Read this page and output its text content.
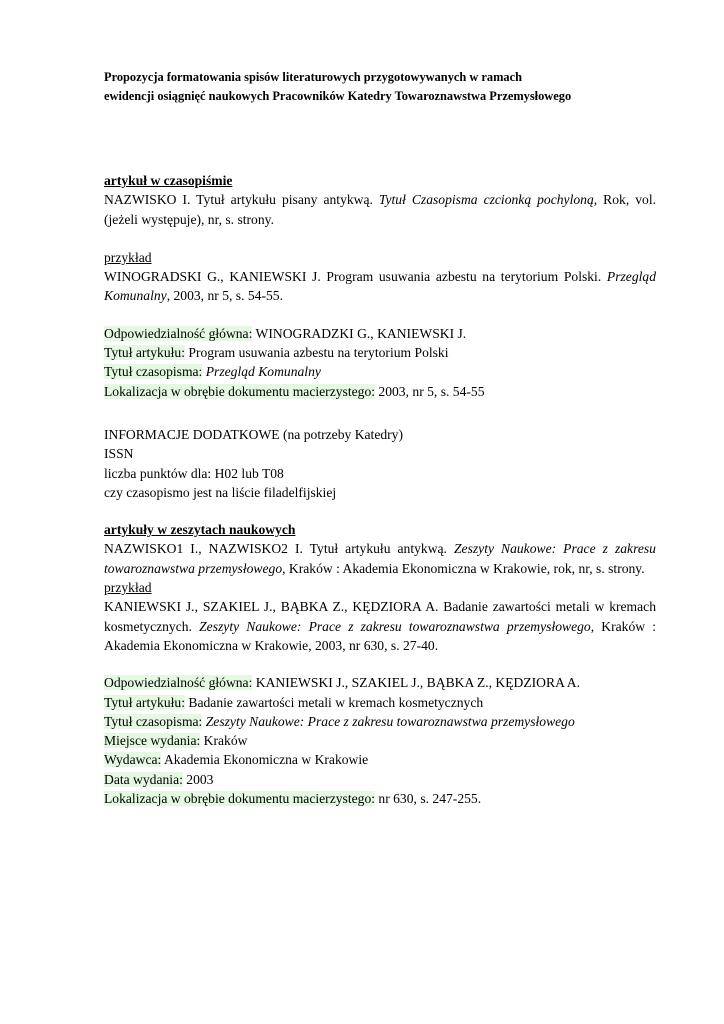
Propozycja formatowania spisów literaturowych przygotowywanych w ramach
ewidencji osiągnięć naukowych Pracowników Katedry Towaroznawstwa Przemysłowego

artykuł w czasopiśmie

NAZWISKO I. Tytuł artykułu pisany antykwą. Tytuł Czasopisma czcionką pochyloną, Rok, vol. (jeżeli występuje), nr, s. strony.

przykład

WINOGRADSKI G., KANIEWSKI J. Program usuwania azbestu na terytorium Polski. Przegląd Komunalny, 2003, nr 5, s. 54-55.

Odpowiedzialność główna: WINOGRADZKI G., KANIEWSKI J.

Tytuł artykułu: Program usuwania azbestu na terytorium Polski

Tytuł czasopisma: Przegląd Komunalny

Lokalizacja w obrębie dokumentu macierzystego: 2003, nr 5, s. 54-55

INFORMACJE DODATKOWE (na potrzeby Katedry)

ISSN

liczba punktów dla: H02 lub T08

czy czasopismo jest na liście filadelfijskiej

artykuły w zeszytach naukowych

NAZWISKO1 I., NAZWISKO2 I. Tytuł artykułu antykwą. Zeszyty Naukowe: Prace z zakresu towaroznawstwa przemysłowego, Kraków : Akademia Ekonomiczna w Krakowie, rok, nr, s. strony.

przykład

KANIEWSKI J., SZAKIEL J., BĄBKA Z., KĘDZIORA A. Badanie zawartości metali w kremach kosmetycznych. Zeszyty Naukowe: Prace z zakresu towaroznawstwa przemysłowego, Kraków : Akademia Ekonomiczna w Krakowie, 2003, nr 630, s. 27-40.

Odpowiedzialność główna: KANIEWSKI J., SZAKIEL J., BĄBKA Z., KĘDZIORA A.

Tytuł artykułu: Badanie zawartości metali w kremach kosmetycznych

Tytuł czasopisma: Zeszyty Naukowe: Prace z zakresu towaroznawstwa przemysłowego

Miejsce wydania: Kraków

Wydawca: Akademia Ekonomiczna w Krakowie

Data wydania: 2003

Lokalizacja w obrębie dokumentu macierzystego: nr 630, s. 247-255.
